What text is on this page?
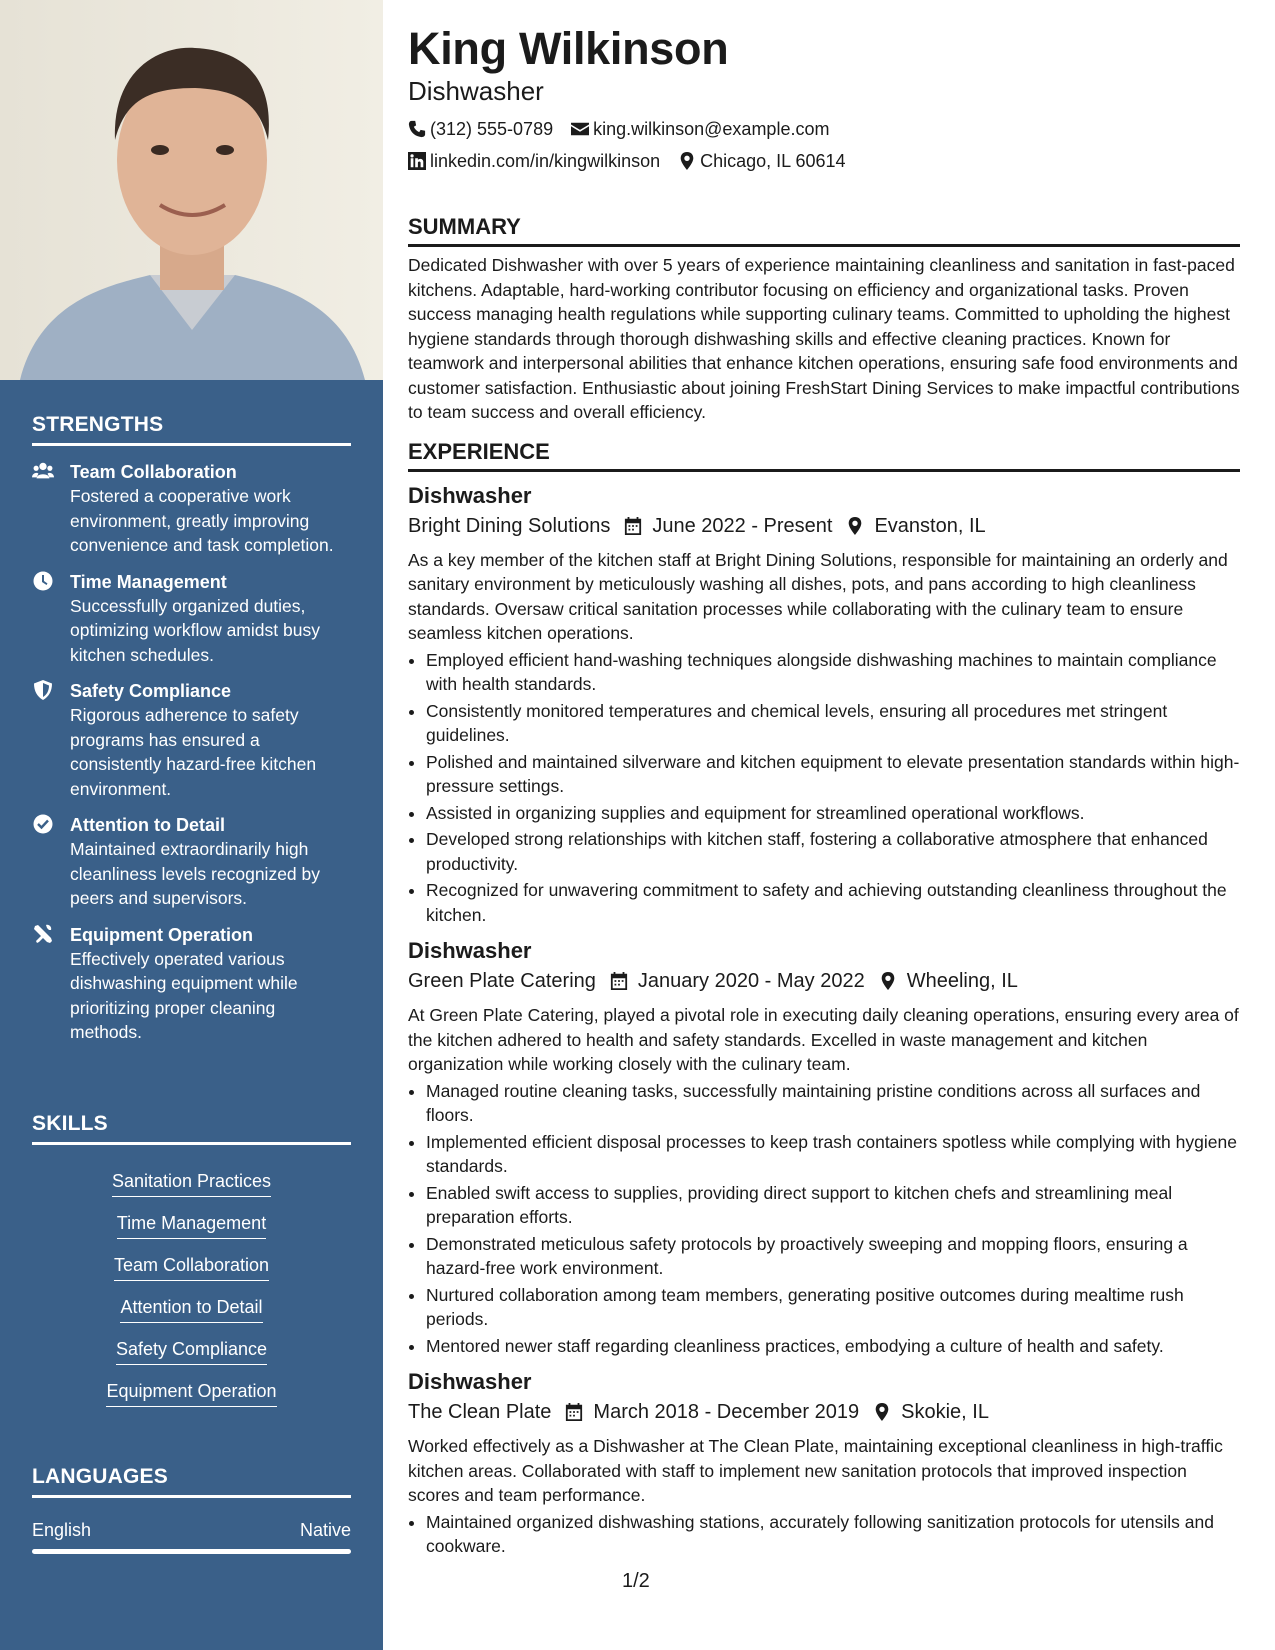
STRENGTHS
Team Collaboration
Fostered a cooperative work environment, greatly improving convenience and task completion.
Time Management
Successfully organized duties, optimizing workflow amidst busy kitchen schedules.
Safety Compliance
Rigorous adherence to safety programs has ensured a consistently hazard-free kitchen environment.
Attention to Detail
Maintained extraordinarily high cleanliness levels recognized by peers and supervisors.
Equipment Operation
Effectively operated various dishwashing equipment while prioritizing proper cleaning methods.
SKILLS
Sanitation Practices
Time Management
Team Collaboration
Attention to Detail
Safety Compliance
Equipment Operation
LANGUAGES
English	Native
King Wilkinson
Dishwasher
(312) 555-0789 king.wilkinson@example.com
linkedin.com/in/kingwilkinson Chicago, IL 60614
SUMMARY
Dedicated Dishwasher with over 5 years of experience maintaining cleanliness and sanitation in fast-paced kitchens. Adaptable, hard-working contributor focusing on efficiency and organizational tasks. Proven success managing health regulations while supporting culinary teams. Committed to upholding the highest hygiene standards through thorough dishwashing skills and effective cleaning practices. Known for teamwork and interpersonal abilities that enhance kitchen operations, ensuring safe food environments and customer satisfaction. Enthusiastic about joining FreshStart Dining Services to make impactful contributions to team success and overall efficiency.
EXPERIENCE
Dishwasher
Bright Dining Solutions June 2022 - Present Evanston, IL
As a key member of the kitchen staff at Bright Dining Solutions, responsible for maintaining an orderly and sanitary environment by meticulously washing all dishes, pots, and pans according to high cleanliness standards. Oversaw critical sanitation processes while collaborating with the culinary team to ensure seamless kitchen operations.
• Employed efficient hand-washing techniques alongside dishwashing machines to maintain compliance with health standards.
• Consistently monitored temperatures and chemical levels, ensuring all procedures met stringent guidelines.
• Polished and maintained silverware and kitchen equipment to elevate presentation standards within high-pressure settings.
• Assisted in organizing supplies and equipment for streamlined operational workflows.
• Developed strong relationships with kitchen staff, fostering a collaborative atmosphere that enhanced productivity.
• Recognized for unwavering commitment to safety and achieving outstanding cleanliness throughout the kitchen.
Dishwasher
Green Plate Catering January 2020 - May 2022 Wheeling, IL
At Green Plate Catering, played a pivotal role in executing daily cleaning operations, ensuring every area of the kitchen adhered to health and safety standards. Excelled in waste management and kitchen organization while working closely with the culinary team.
• Managed routine cleaning tasks, successfully maintaining pristine conditions across all surfaces and floors.
• Implemented efficient disposal processes to keep trash containers spotless while complying with hygiene standards.
• Enabled swift access to supplies, providing direct support to kitchen chefs and streamlining meal preparation efforts.
• Demonstrated meticulous safety protocols by proactively sweeping and mopping floors, ensuring a hazard-free work environment.
• Nurtured collaboration among team members, generating positive outcomes during mealtime rush periods.
• Mentored newer staff regarding cleanliness practices, embodying a culture of health and safety.
Dishwasher
The Clean Plate March 2018 - December 2019 Skokie, IL
Worked effectively as a Dishwasher at The Clean Plate, maintaining exceptional cleanliness in high-traffic kitchen areas. Collaborated with staff to implement new sanitation protocols that improved inspection scores and team performance.
• Maintained organized dishwashing stations, accurately following sanitization protocols for utensils and cookware.
1/2
